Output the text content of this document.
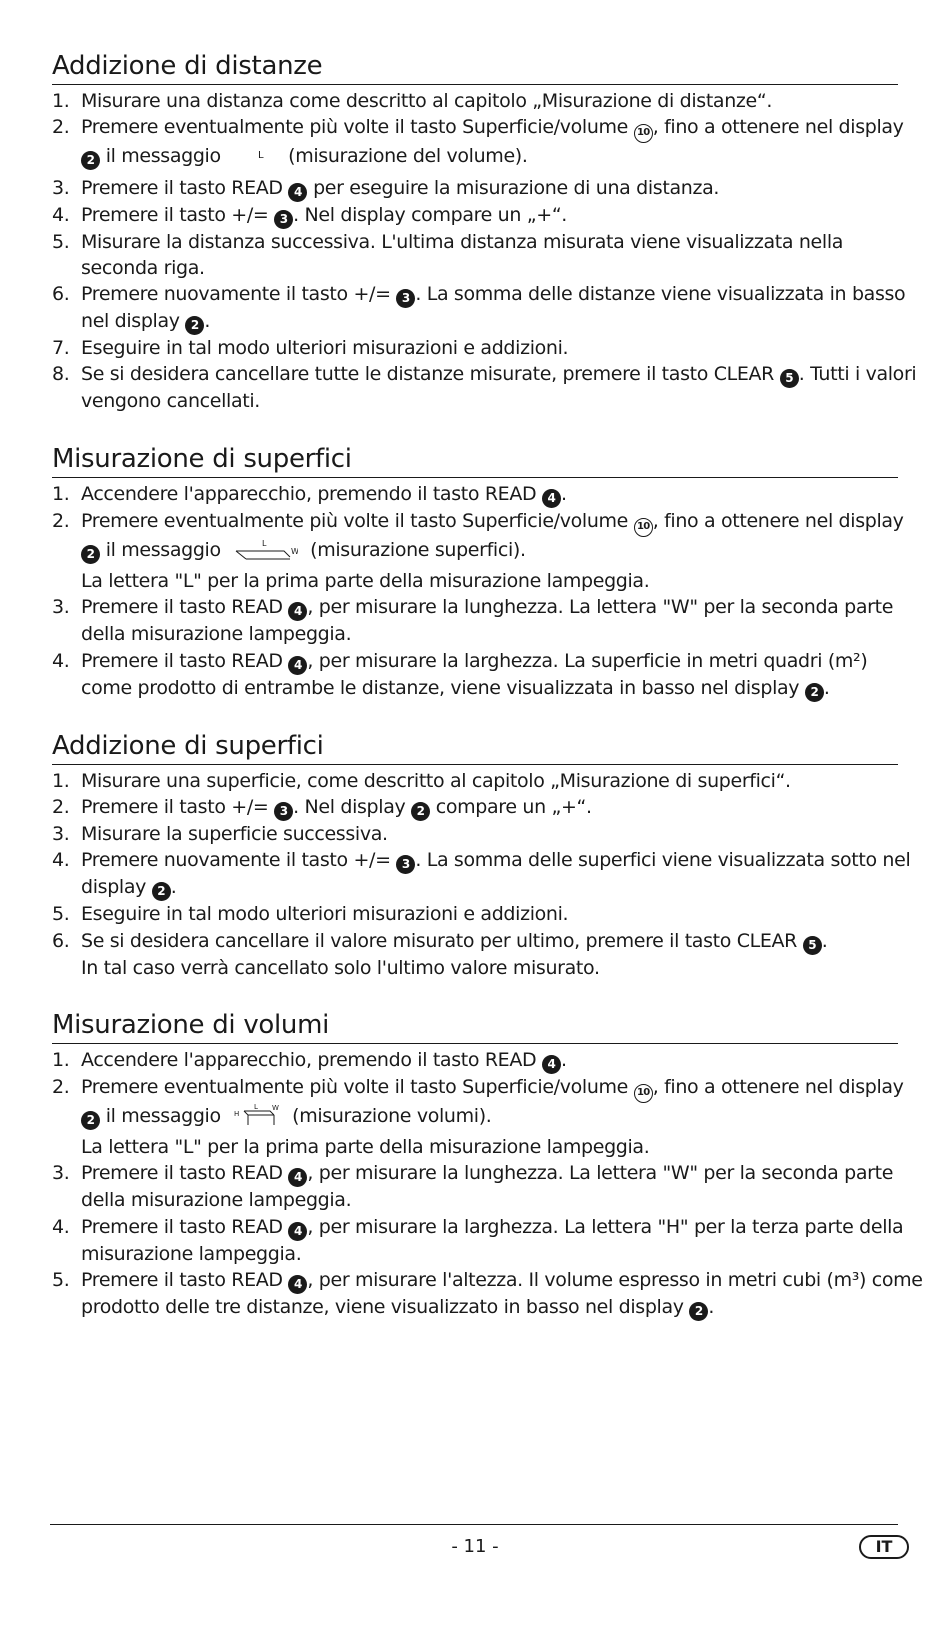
Addizione di distanze
1. Misurare una distanza come descritto al capitolo „Misurazione di distanze“.
2. Premere eventualmente più volte il tasto Superficie/volume 10 , fino a ottenere nel display
2 il messaggio	L (misurazione del volume).
3. Premere il tasto READ 4 per eseguire la misurazione di una distanza.
4. Premere il tasto +/= 3 . Nel display compare un „+“.
5. Misurare la distanza successiva. L'ultima distanza misurata viene visualizzata nella
seconda riga.
6. Premere nuovamente il tasto +/= 3 . La somma delle distanze viene visualizzata in basso
nel display 2 .
7. Eseguire in tal modo ulteriori misurazioni e addizioni.
8. Se si desidera cancellare tutte le distanze misurate, premere il tasto CLEAR 5 . Tutti i valori
vengono cancellati.
Misurazione di superfici
1. Accendere l'apparecchio, premendo il tasto READ 4 .
2. Premere eventualmente più volte il tasto Superficie/volume 10 , fino a ottenere nel display
2 il messaggio	L
W (misurazione superfici).
La lettera "L" per la prima parte della misurazione lampeggia.
3. Premere il tasto READ 4 , per misurare la lunghezza. La lettera "W" per la seconda parte
della misurazione lampeggia.
4. Premere il tasto READ 4 , per misurare la larghezza. La superficie in metri quadri (m²)
come prodotto di entrambe le distanze, viene visualizzata in basso nel display 2 .
Addizione di superfici
1. Misurare una superficie, come descritto al capitolo „Misurazione di superfici“.
2. Premere il tasto +/= 3 . Nel display 2 compare un „+“.
3. Misurare la superficie successiva.
4. Premere nuovamente il tasto +/= 3 . La somma delle superfici viene visualizzata sotto nel
display 2 .
5. Eseguire in tal modo ulteriori misurazioni e addizioni.
6. Se si desidera cancellare il valore misurato per ultimo, premere il tasto CLEAR 5 .
In tal caso verrà cancellato solo l'ultimo valore misurato.
Misurazione di volumi
1. Accendere l'apparecchio, premendo il tasto READ 4 .
2. Premere eventualmente più volte il tasto Superficie/volume 10 , fino a ottenere nel display
2 il messaggio H
L W (misurazione volumi).
La lettera "L" per la prima parte della misurazione lampeggia.
3. Premere il tasto READ 4 , per misurare la lunghezza. La lettera "W" per la seconda parte
della misurazione lampeggia.
4. Premere il tasto READ 4 , per misurare la larghezza. La lettera "H" per la terza parte della
misurazione lampeggia.
5. Premere il tasto READ 4 , per misurare l'altezza. Il volume espresso in metri cubi (m³) come
prodotto delle tre distanze, viene visualizzato in basso nel display 2 .
- 11 -	IT
